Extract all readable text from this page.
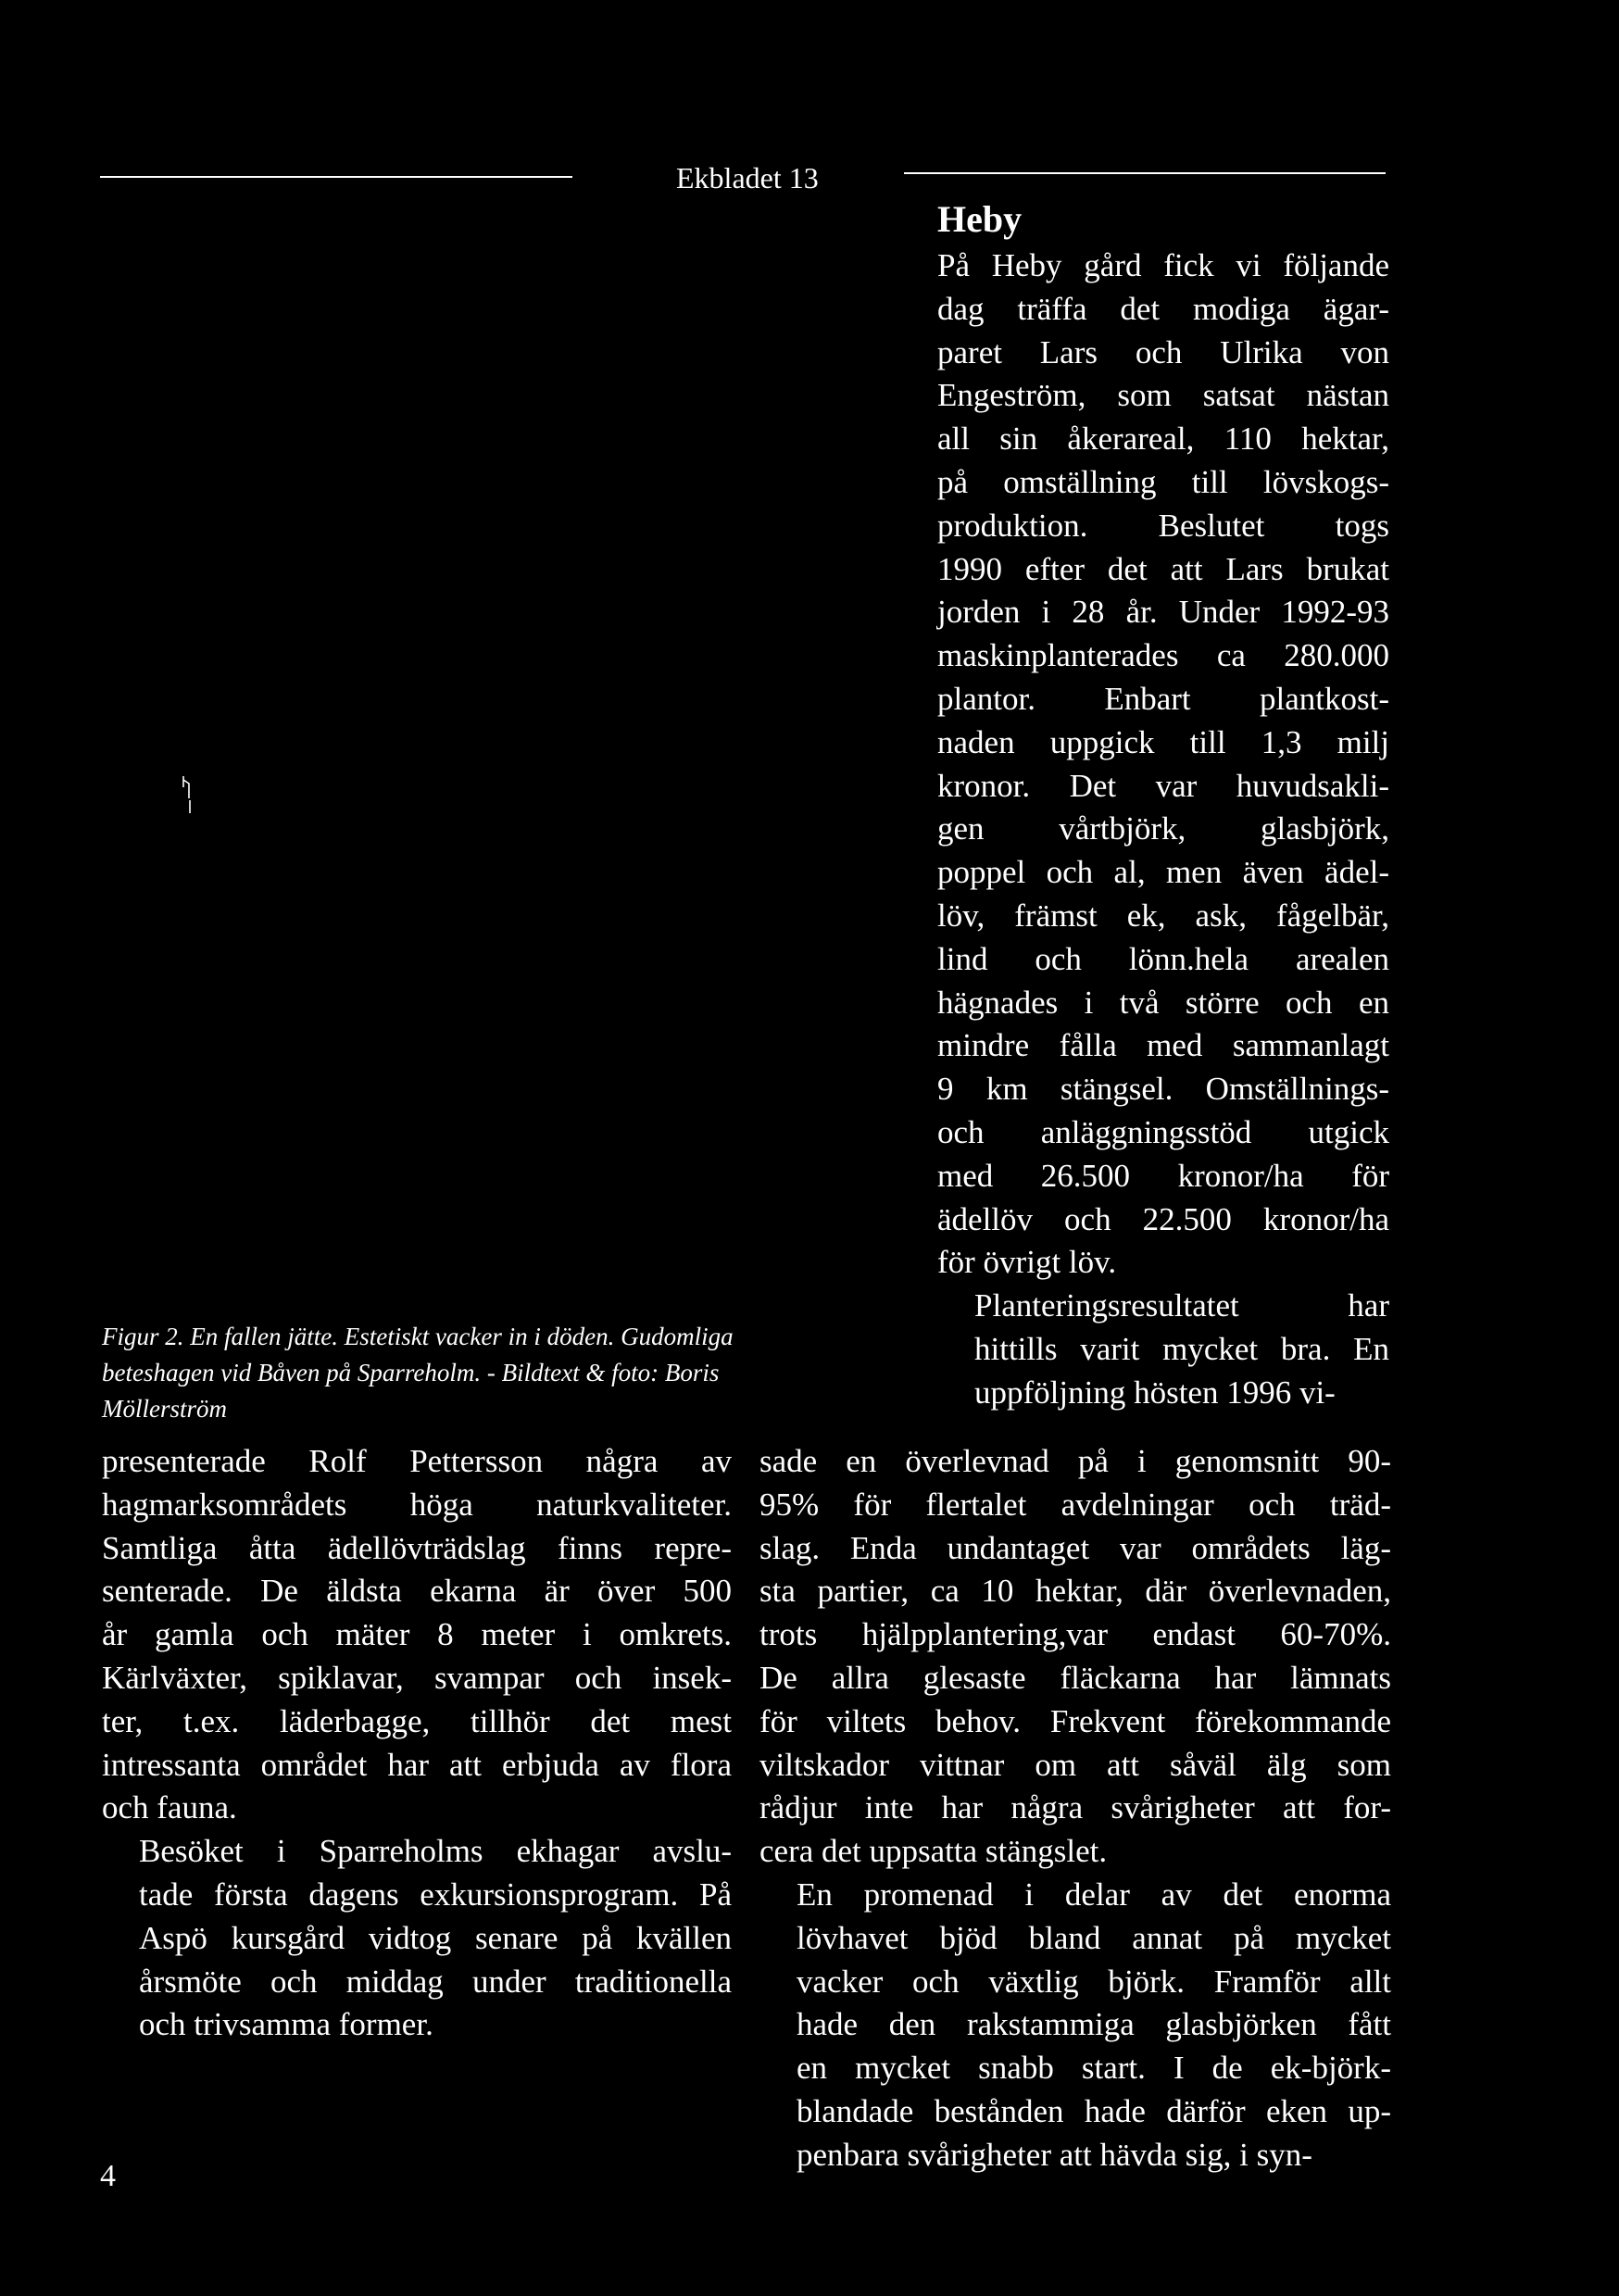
Ekbladet 13
Figur 2. En fallen jätte. Estetiskt vacker in i döden. Gudomliga beteshagen vid Båven på Sparreholm. - Bildtext & foto: Boris Möllerström
Heby

På Heby gård fick vi följande
dag träffa det modiga ägar-
paret Lars och Ulrika von
Engeström, som satsat nästan
all sin åkerareal, 110 hektar,
på omställning till lövskogs-
produktion. Beslutet togs
1990 efter det att Lars brukat
jorden i 28 år. Under 1992-93
maskinplanterades ca 280.000
plantor. Enbart plantkost-
naden uppgick till 1,3 milj
kronor. Det var huvudsakli-
gen vårtbjörk, glasbjörk,
poppel och al, men även ädel-
löv, främst ek, ask, fågelbär,
lind och lönn.hela arealen
hägnades i två större och en
mindre fålla med sammanlagt
9 km stängsel. Omställnings-
och anläggningsstöd utgick
med 26.500 kronor/ha för
ädellöv och 22.500 kronor/ha
för övrigt löv.

Planteringsresultatet har
hittills varit mycket bra. En
uppföljning hösten 1996 vi-

presenterade Rolf Pettersson några av
hagmarksområdets höga naturkvaliteter.
Samtliga åtta ädellövträdslag finns repre-
senterade. De äldsta ekarna är över 500
år gamla och mäter 8 meter i omkrets.
Kärlväxter, spiklavar, svampar och insek-
ter, t.ex. läderbagge, tillhör det mest
intressanta området har att erbjuda av flora
och fauna.

Besöket i Sparreholms ekhagar avslu-
tade första dagens exkursionsprogram. På
Aspö kursgård vidtog senare på kvällen
årsmöte och middag under traditionella
och trivsamma former.

sade en överlevnad på i genomsnitt 90-
95% för flertalet avdelningar och träd-
slag. Enda undantaget var områdets läg-
sta partier, ca 10 hektar, där överlevnaden,
trots hjälpplantering,var endast 60-70%.
De allra glesaste fläckarna har lämnats
för viltets behov. Frekvent förekommande
viltskador vittnar om att såväl älg som
rådjur inte har några svårigheter att for-
cera det uppsatta stängslet.

En promenad i delar av det enorma
lövhavet bjöd bland annat på mycket
vacker och växtlig björk. Framför allt
hade den rakstammiga glasbjörken fått
en mycket snabb start. I de ek-björk-
blandade bestånden hade därför eken up-
penbara svårigheter att hävda sig, i syn-

4
